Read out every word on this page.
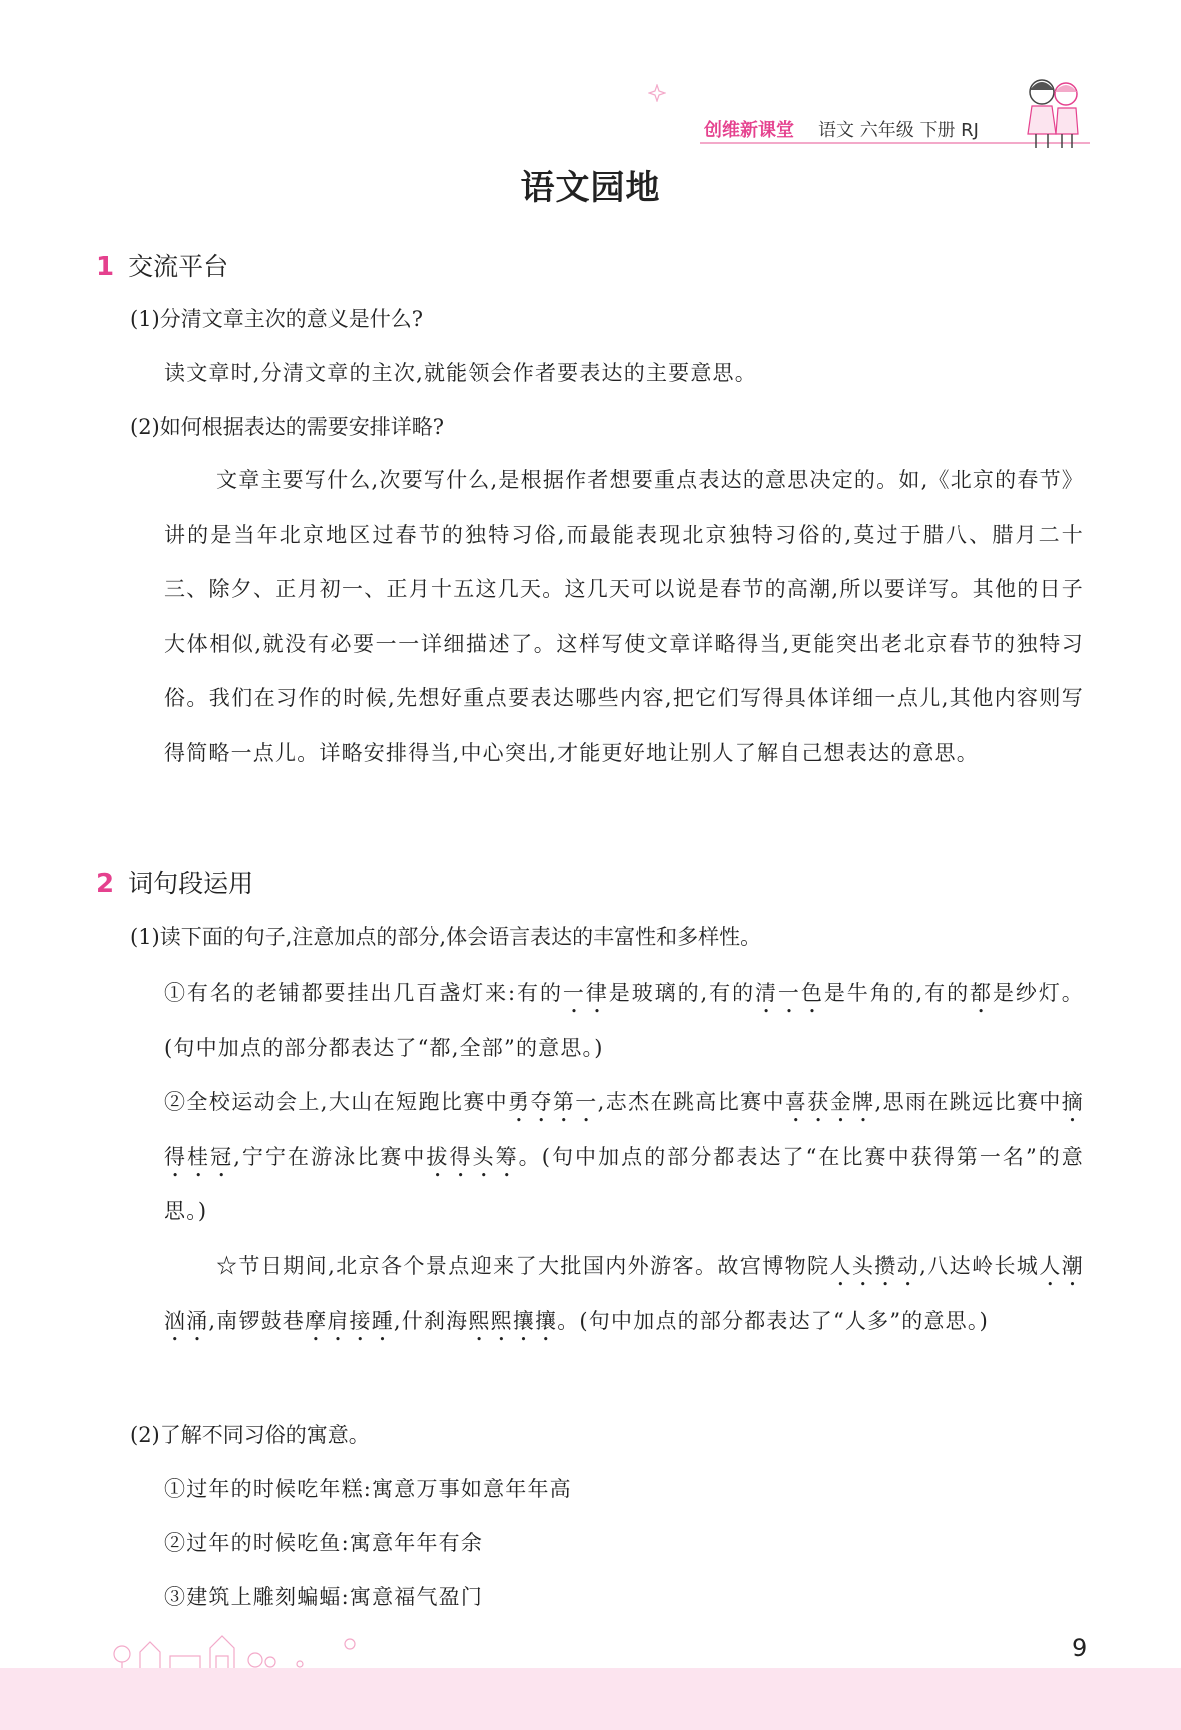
创维新课堂 语文 六年级 下册 RJ
语文园地
1 交流平台
(1)分清文章主次的意义是什么?
读文章时,分清文章的主次,就能领会作者要表达的主要意思。
(2)如何根据表达的需要安排详略?
文章主要写什么,次要写什么,是根据作者想要重点表达的意思决定的。如,《北京的春节》讲的是当年北京地区过春节的独特习俗,而最能表现北京独特习俗的,莫过于腊八、腊月二十三、除夕、正月初一、正月十五这几天。这几天可以说是春节的高潮,所以要详写。其他的日子大体相似,就没有必要一一详细描述了。这样写使文章详略得当,更能突出老北京春节的独特习俗。我们在习作的时候,先想好重点要表达哪些内容,把它们写得具体详细一点儿,其他内容则写得简略一点儿。详略安排得当,中心突出,才能更好地让别人了解自己想表达的意思。
2 词句段运用
(1)读下面的句子,注意加点的部分,体会语言表达的丰富性和多样性。
①有名的老铺都要挂出几百盏灯来:有的一律是玻璃的,有的清一色是牛角的,有的都是纱灯。(句中加点的部分都表达了“都,全部”的意思。)
②全校运动会上,大山在短跑比赛中勇夺第一,志杰在跳高比赛中喜获金牌,思雨在跳远比赛中摘得桂冠,宁宁在游泳比赛中拔得头筹。(句中加点的部分都表达了“在比赛中获得第一名”的意思。)
☆节日期间,北京各个景点迎来了大批国内外游客。故宫博物院人头攒动,八达岭长城人潮汹涌,南锣鼓巷摩肩接踵,什刹海熙熙攘攘。(句中加点的部分都表达了“人多”的意思。)
(2)了解不同习俗的寓意。
①过年的时候吃年糕:寓意万事如意年年高
②过年的时候吃鱼:寓意年年有余
③建筑上雕刻蝙蝠:寓意福气盈门
9
